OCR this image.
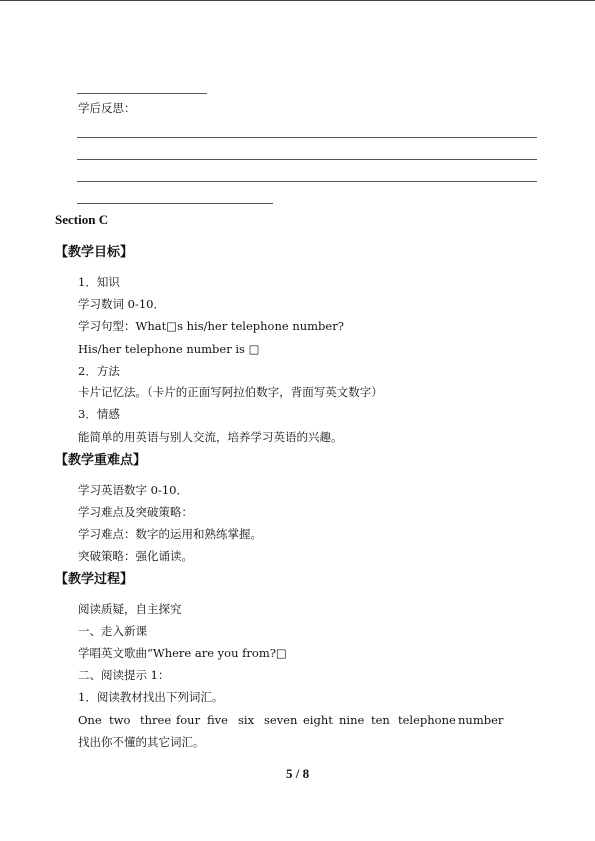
学后反思：
Section C
【教学目标】
1．知识
学习数词 0-10．
学习句型：What□s his/her telephone number?
His/her telephone number is □
2．方法
卡片记忆法。（卡片的正面写阿拉伯数字，背面写英文数字）
3．情感
能简单的用英语与别人交流，培养学习英语的兴趣。
【教学重难点】
学习英语数字 0-10．
学习难点及突破策略：
学习难点：数字的运用和熟练掌握。
突破策略：强化诵读。
【教学过程】
阅读质疑，自主探究
一、走入新课
学唱英文歌曲“Where are you from?□
二、阅读提示 1：
1．阅读教材找出下列词汇。
One two three four five six seven eight nine ten telephone number
找出你不懂的其它词汇。
5 / 8
